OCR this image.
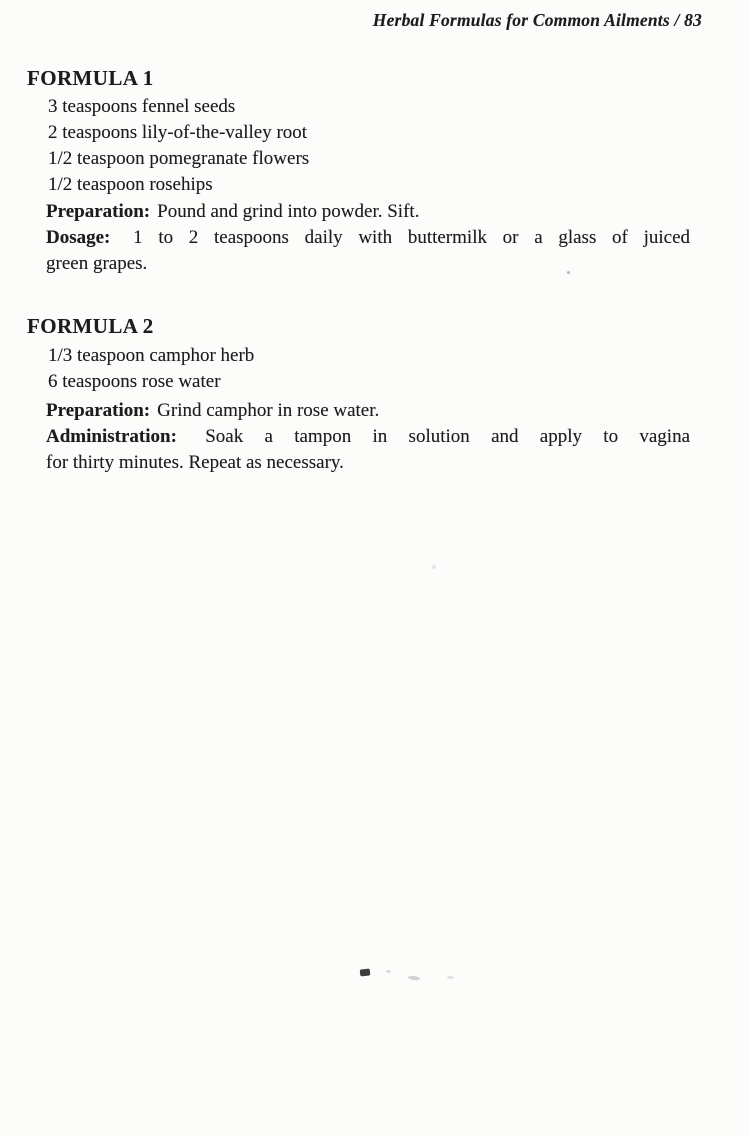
Herbal Formulas for Common Ailments / 83
FORMULA 1
3 teaspoons fennel seeds
2 teaspoons lily-of-the-valley root
1/2 teaspoon pomegranate flowers
1/2 teaspoon rosehips
Preparation: Pound and grind into powder. Sift.
Dosage: 1 to 2 teaspoons daily with buttermilk or a glass of juiced
green grapes.
FORMULA 2
1/3 teaspoon camphor herb
6 teaspoons rose water
Preparation: Grind camphor in rose water.
Administration: Soak a tampon in solution and apply to vagina
for thirty minutes. Repeat as necessary.
